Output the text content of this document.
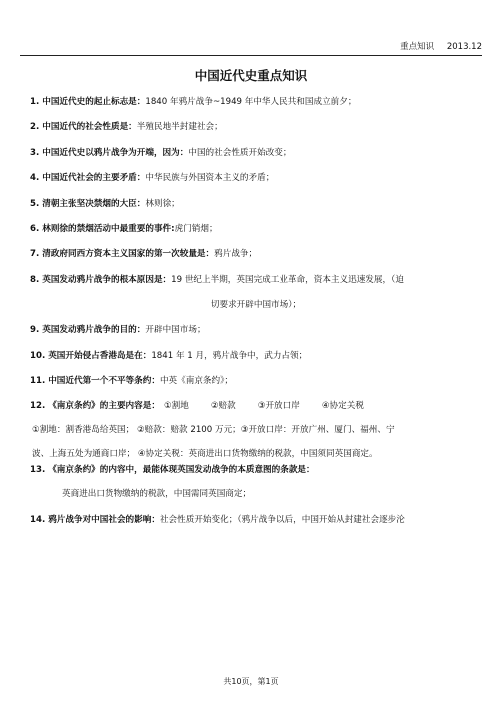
重点知识 2013.12
中国近代史重点知识
1. 中国近代史的起止标志是：1840 年鸦片战争~1949 年中华人民共和国成立前夕；
2. 中国近代的社会性质是：半殖民地半封建社会；
3. 中国近代史以鸦片战争为开端，因为：中国的社会性质开始改变；
4. 中国近代社会的主要矛盾：中华民族与外国资本主义的矛盾；
5. 清朝主张坚决禁烟的大臣：林则徐；
6. 林则徐的禁烟活动中最重要的事件:虎门销烟；
7. 清政府同西方资本主义国家的第一次较量是：鸦片战争；
8. 英国发动鸦片战争的根本原因是：19 世纪上半期，英国完成工业革命，资本主义迅速发展，（迫
切要求开辟中国市场）；
9. 英国发动鸦片战争的目的：开辟中国市场；
10. 英国开始侵占香港岛是在：1841 年 1 月，鸦片战争中，武力占领；
11. 中国近代第一个不平等条约：中英《南京条约》；
12. 《南京条约》的主要内容是： ①割地	②赔款	③开放口岸	④协定关税

①割地：割香港岛给英国； ②赔款：赔款 2100 万元；③开放口岸：开放广州、厦门、福州、宁

波、上海五处为通商口岸； ④协定关税：英商进出口货物缴纳的税款，中国须同英国商定。

13. 《南京条约》的内容中，最能体现英国发动战争的本质意图的条款是：
英商进出口货物缴纳的税款，中国需同英国商定；
14. 鸦片战争对中国社会的影响：社会性质开始变化；（鸦片战争以后，中国开始从封建社会逐步沦
共10页，第1页
